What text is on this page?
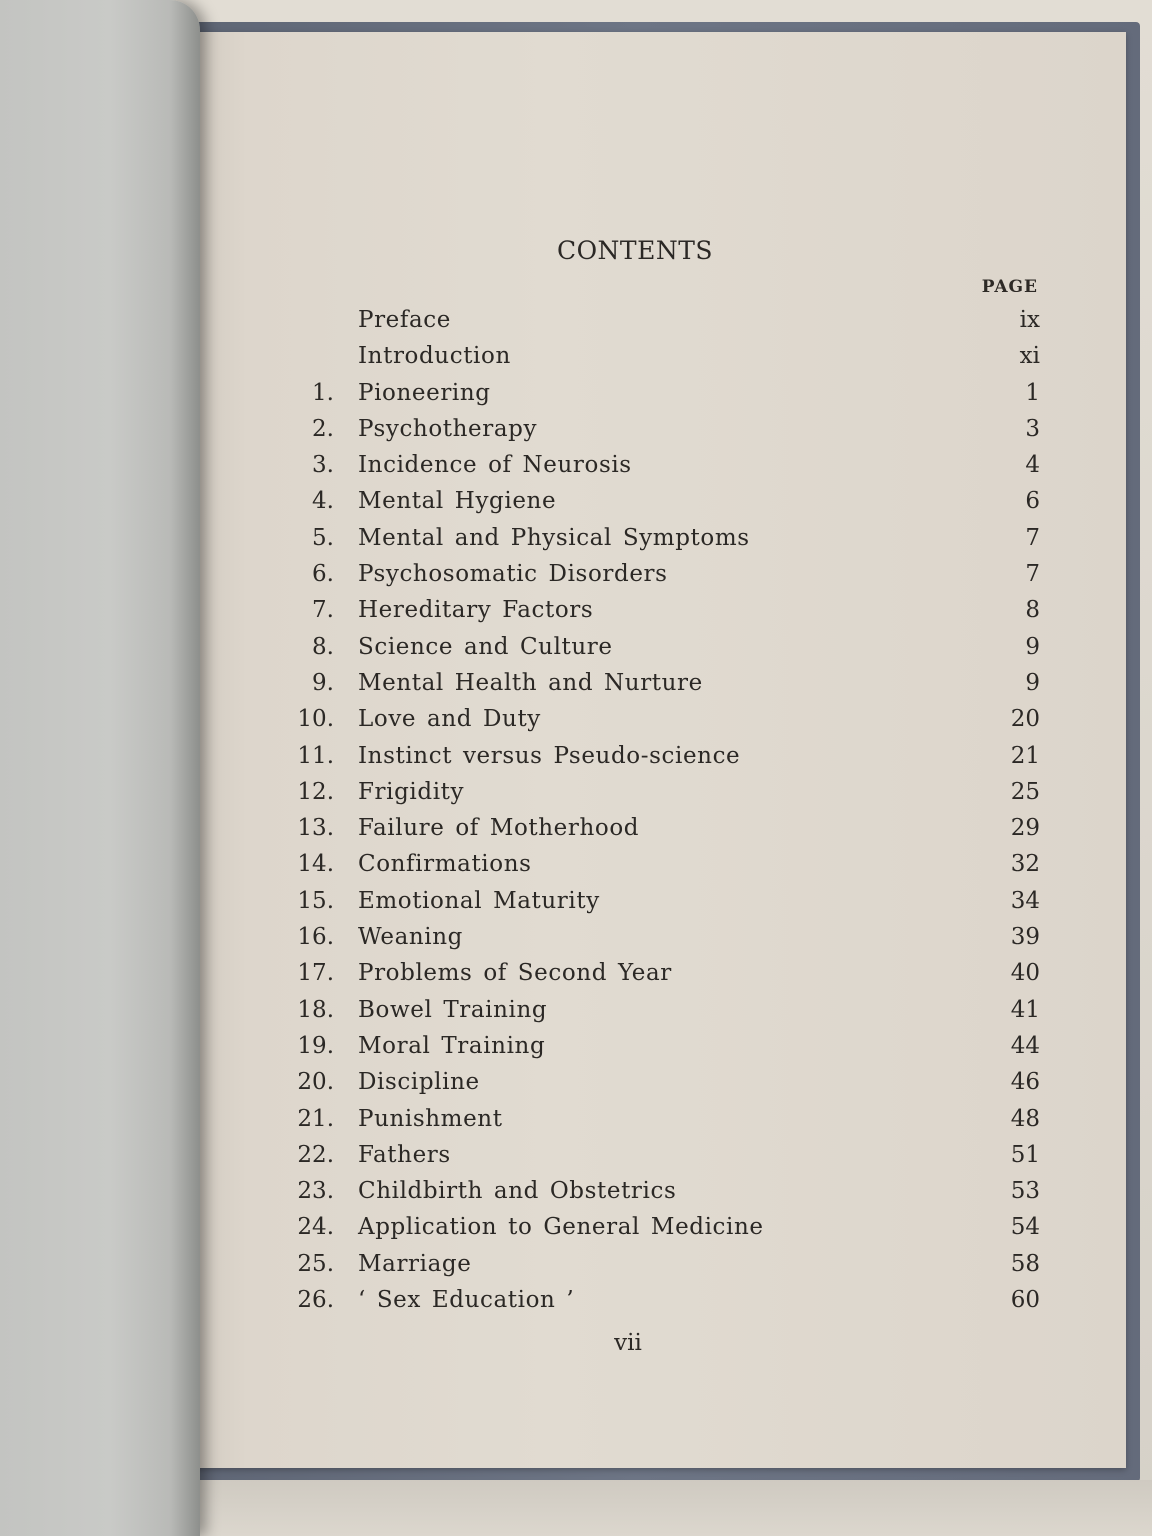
CONTENTS
PAGE
Preface	ix
Introduction	xi
1. Pioneering	1
2. Psychotherapy	3
3. Incidence of Neurosis	4
4. Mental Hygiene	6
5. Mental and Physical Symptoms	7
6. Psychosomatic Disorders	7
7. Hereditary Factors	8
8. Science and Culture	9
9. Mental Health and Nurture	9
10. Love and Duty	20
11. Instinct versus Pseudo-science	21
12. Frigidity	25
13. Failure of Motherhood	29
14. Confirmations	32
15. Emotional Maturity	34
16. Weaning	39
17. Problems of Second Year	40
18. Bowel Training	41
19. Moral Training	44
20. Discipline	46
21. Punishment	48
22. Fathers	51
23. Childbirth and Obstetrics	53
24. Application to General Medicine	54
25. Marriage	58
26. ‘ Sex Education ’	60
vii
